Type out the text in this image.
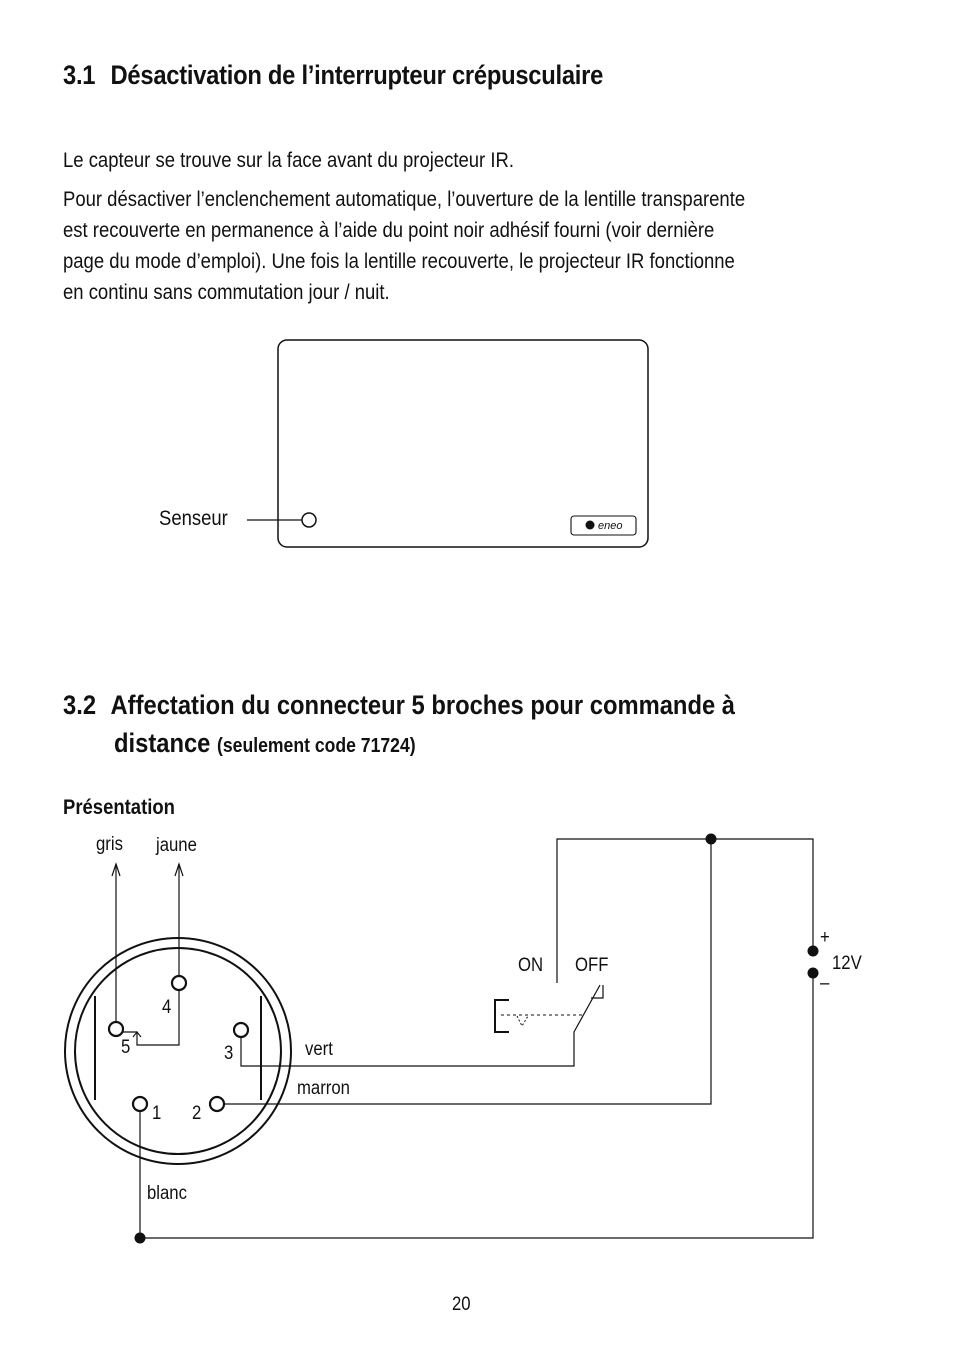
3.1 Désactivation de l’interrupteur crépusculaire
Le capteur se trouve sur la face avant du projecteur IR.
Pour désactiver l’enclenchement automatique, l’ouverture de la lentille transparente
est recouverte en permanence à l’aide du point noir adhésif fourni (voir dernière
page du mode d’emploi). Une fois la lentille recouverte, le projecteur IR fonctionne
en continu sans commutation jour / nuit.
3.2 Affectation du connecteur 5 broches pour commande à
distance (seulement code 71724)
Présentation
eneo
Senseur
gris jaune
4
5	3
1 2
vert
marron
blanc
ON OFF
+
–
12V
20
